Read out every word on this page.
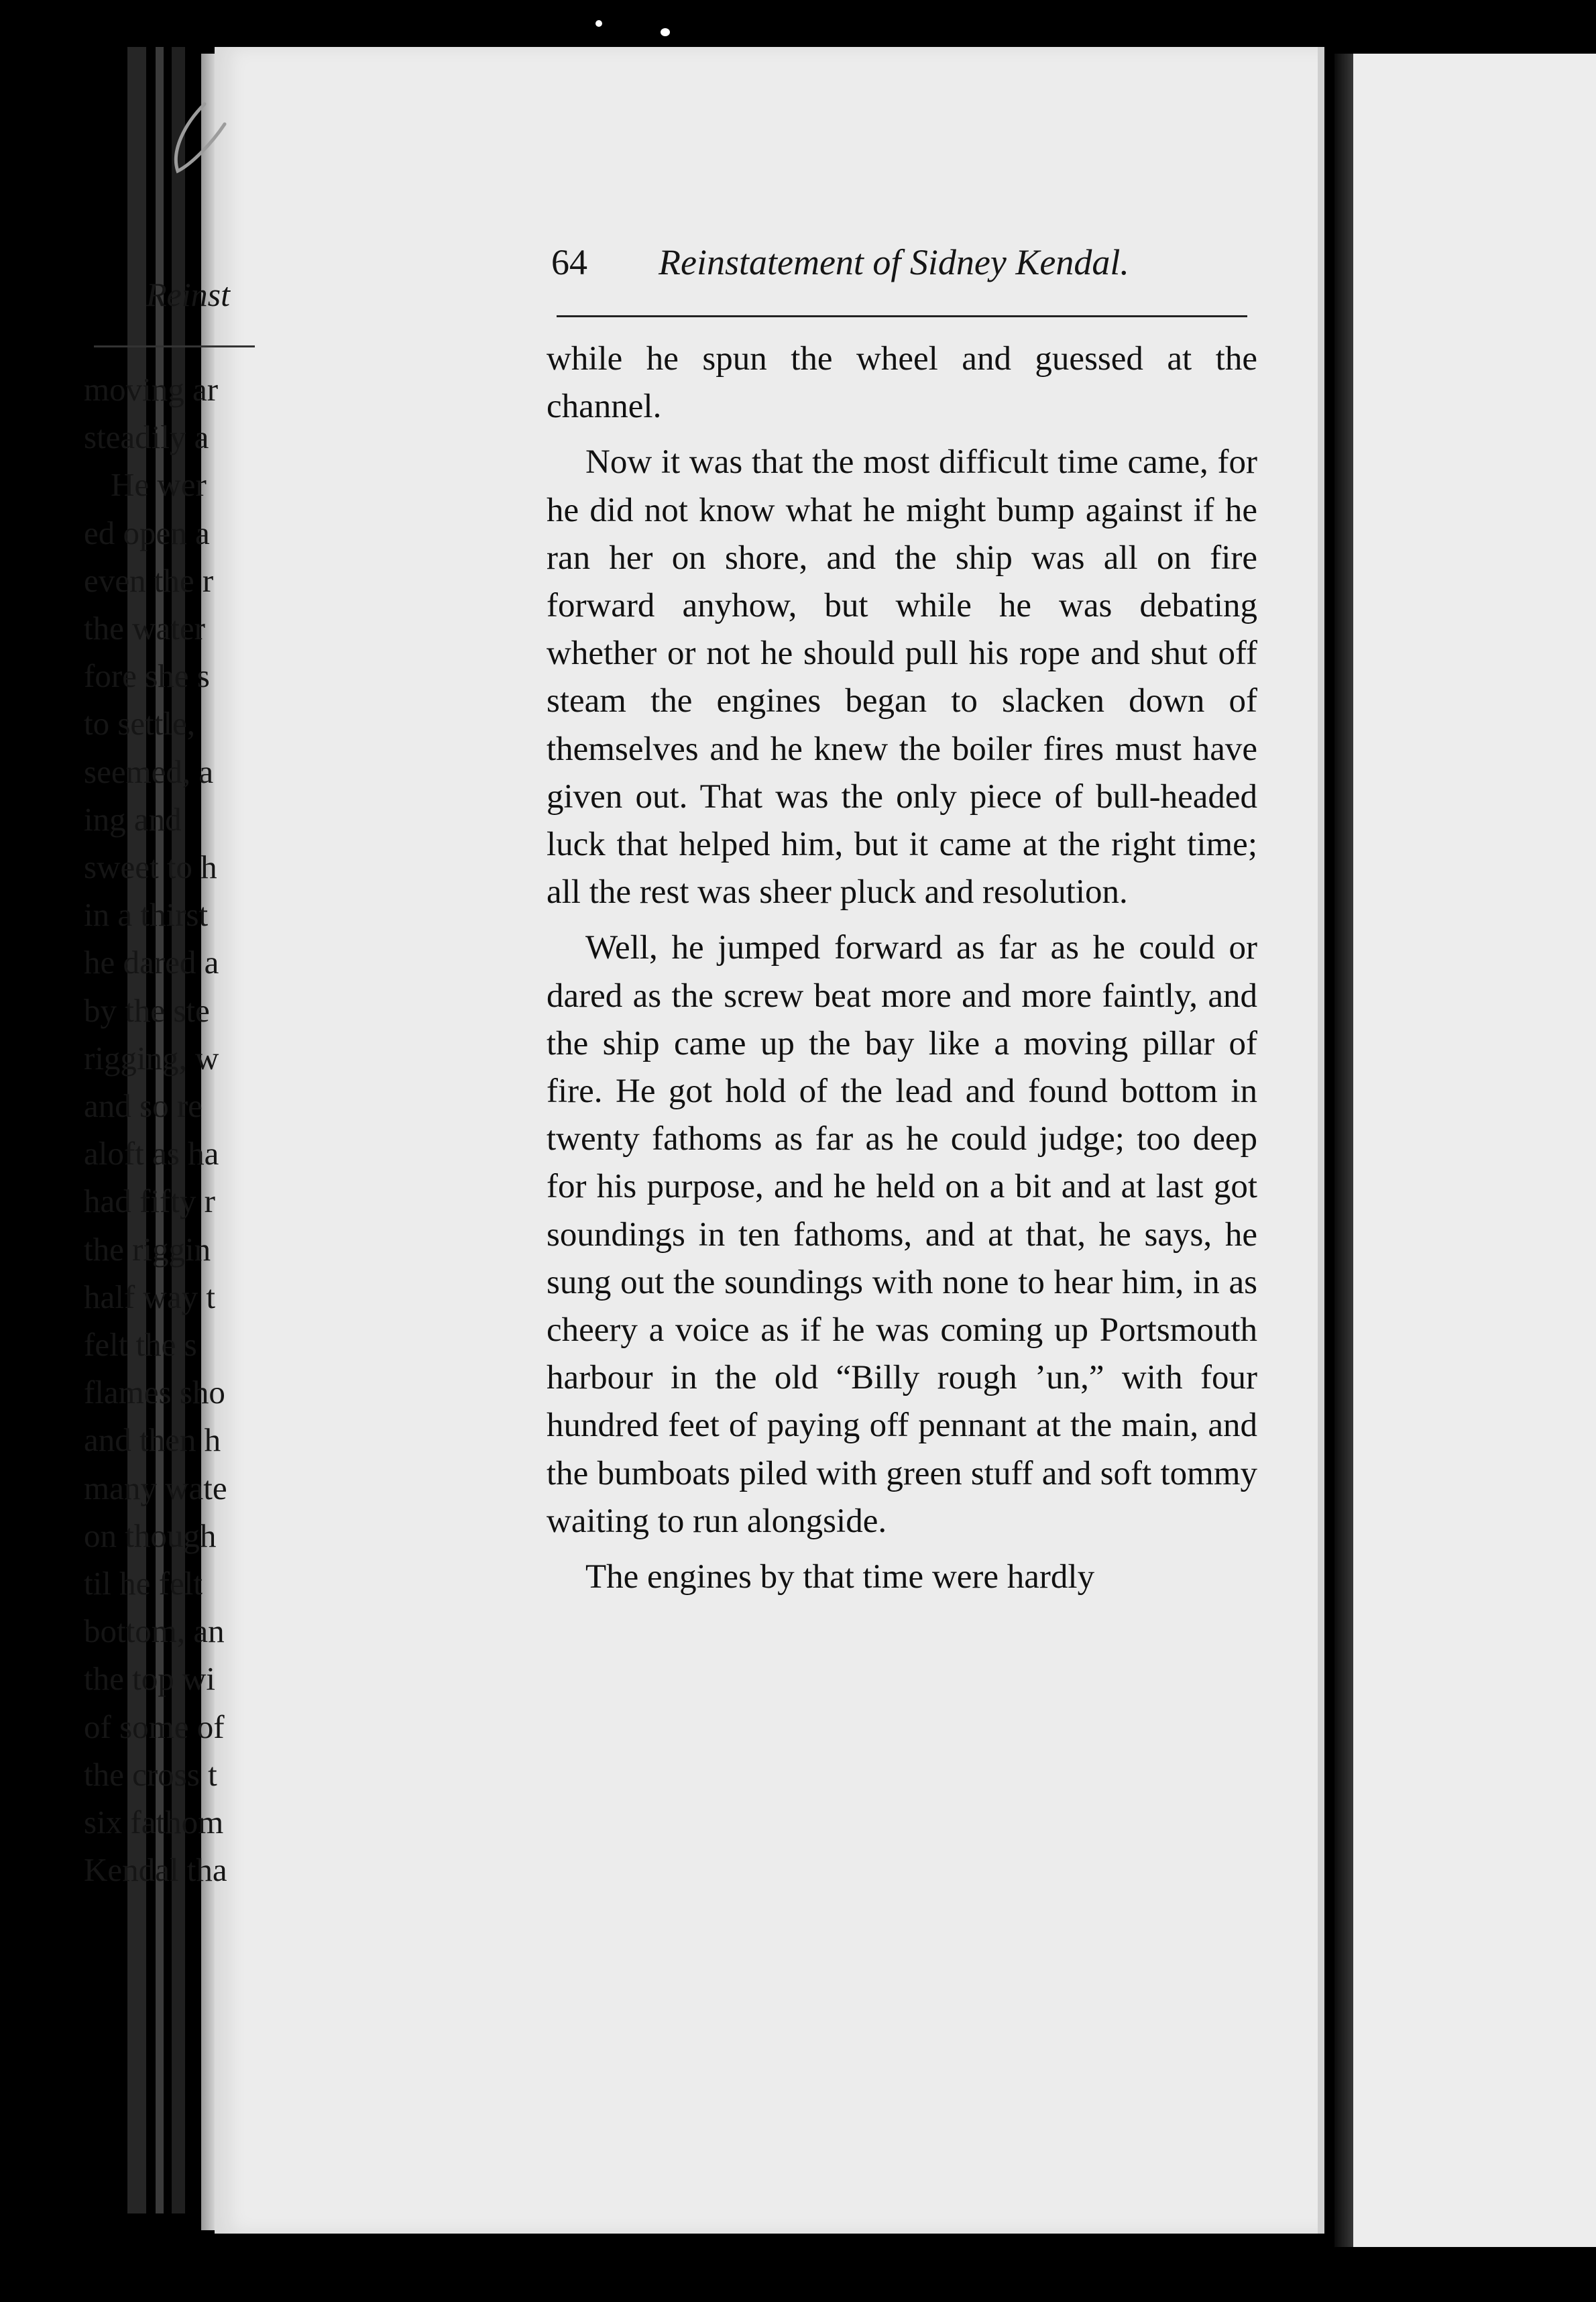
64 Reinstatement of Sidney Kendal.

while he spun the wheel and guessed at the channel.

Now it was that the most difficult time came, for he did not know what he might bump against if he ran her on shore, and the ship was all on fire forward anyhow, but while he was debating whether or not he should pull his rope and shut off steam the engines began to slacken down of themselves and he knew the boiler fires must have given out. That was the only piece of bull-headed luck that helped him, but it came at the right time; all the rest was sheer pluck and resolution.

Well, he jumped forward as far as he could or dared as the screw beat more and more faintly, and the ship came up the bay like a moving pillar of fire. He got hold of the lead and found bottom in twenty fathoms as far as he could judge; too deep for his purpose, and he held on a bit and at last got soundings in ten fathoms, and at that, he says, he sung out the soundings with none to hear him, in as cheery a voice as if he was coming up Portsmouth harbour in the old “Billy rough ’un,” with four hundred feet of paying off pennant at the main, and the bumboats piled with green stuff and soft tommy waiting to run alongside.

The engines by that time were hardly

Reinst
moving ar
steadily a
He wer
ed open a
even the r
the water
fore she s
to settle,
seemed, a
ing and
sweet to h
in a thirst
he dared a
by the ste
rigging, w
and so re
aloft as ha
had fifty r
the riggin
half way t
felt the s
flames sho
and then h
many wate
on though
til he felt
bottom, an
the top wi
of some of
the cross t
six fathom
Kendal tha
